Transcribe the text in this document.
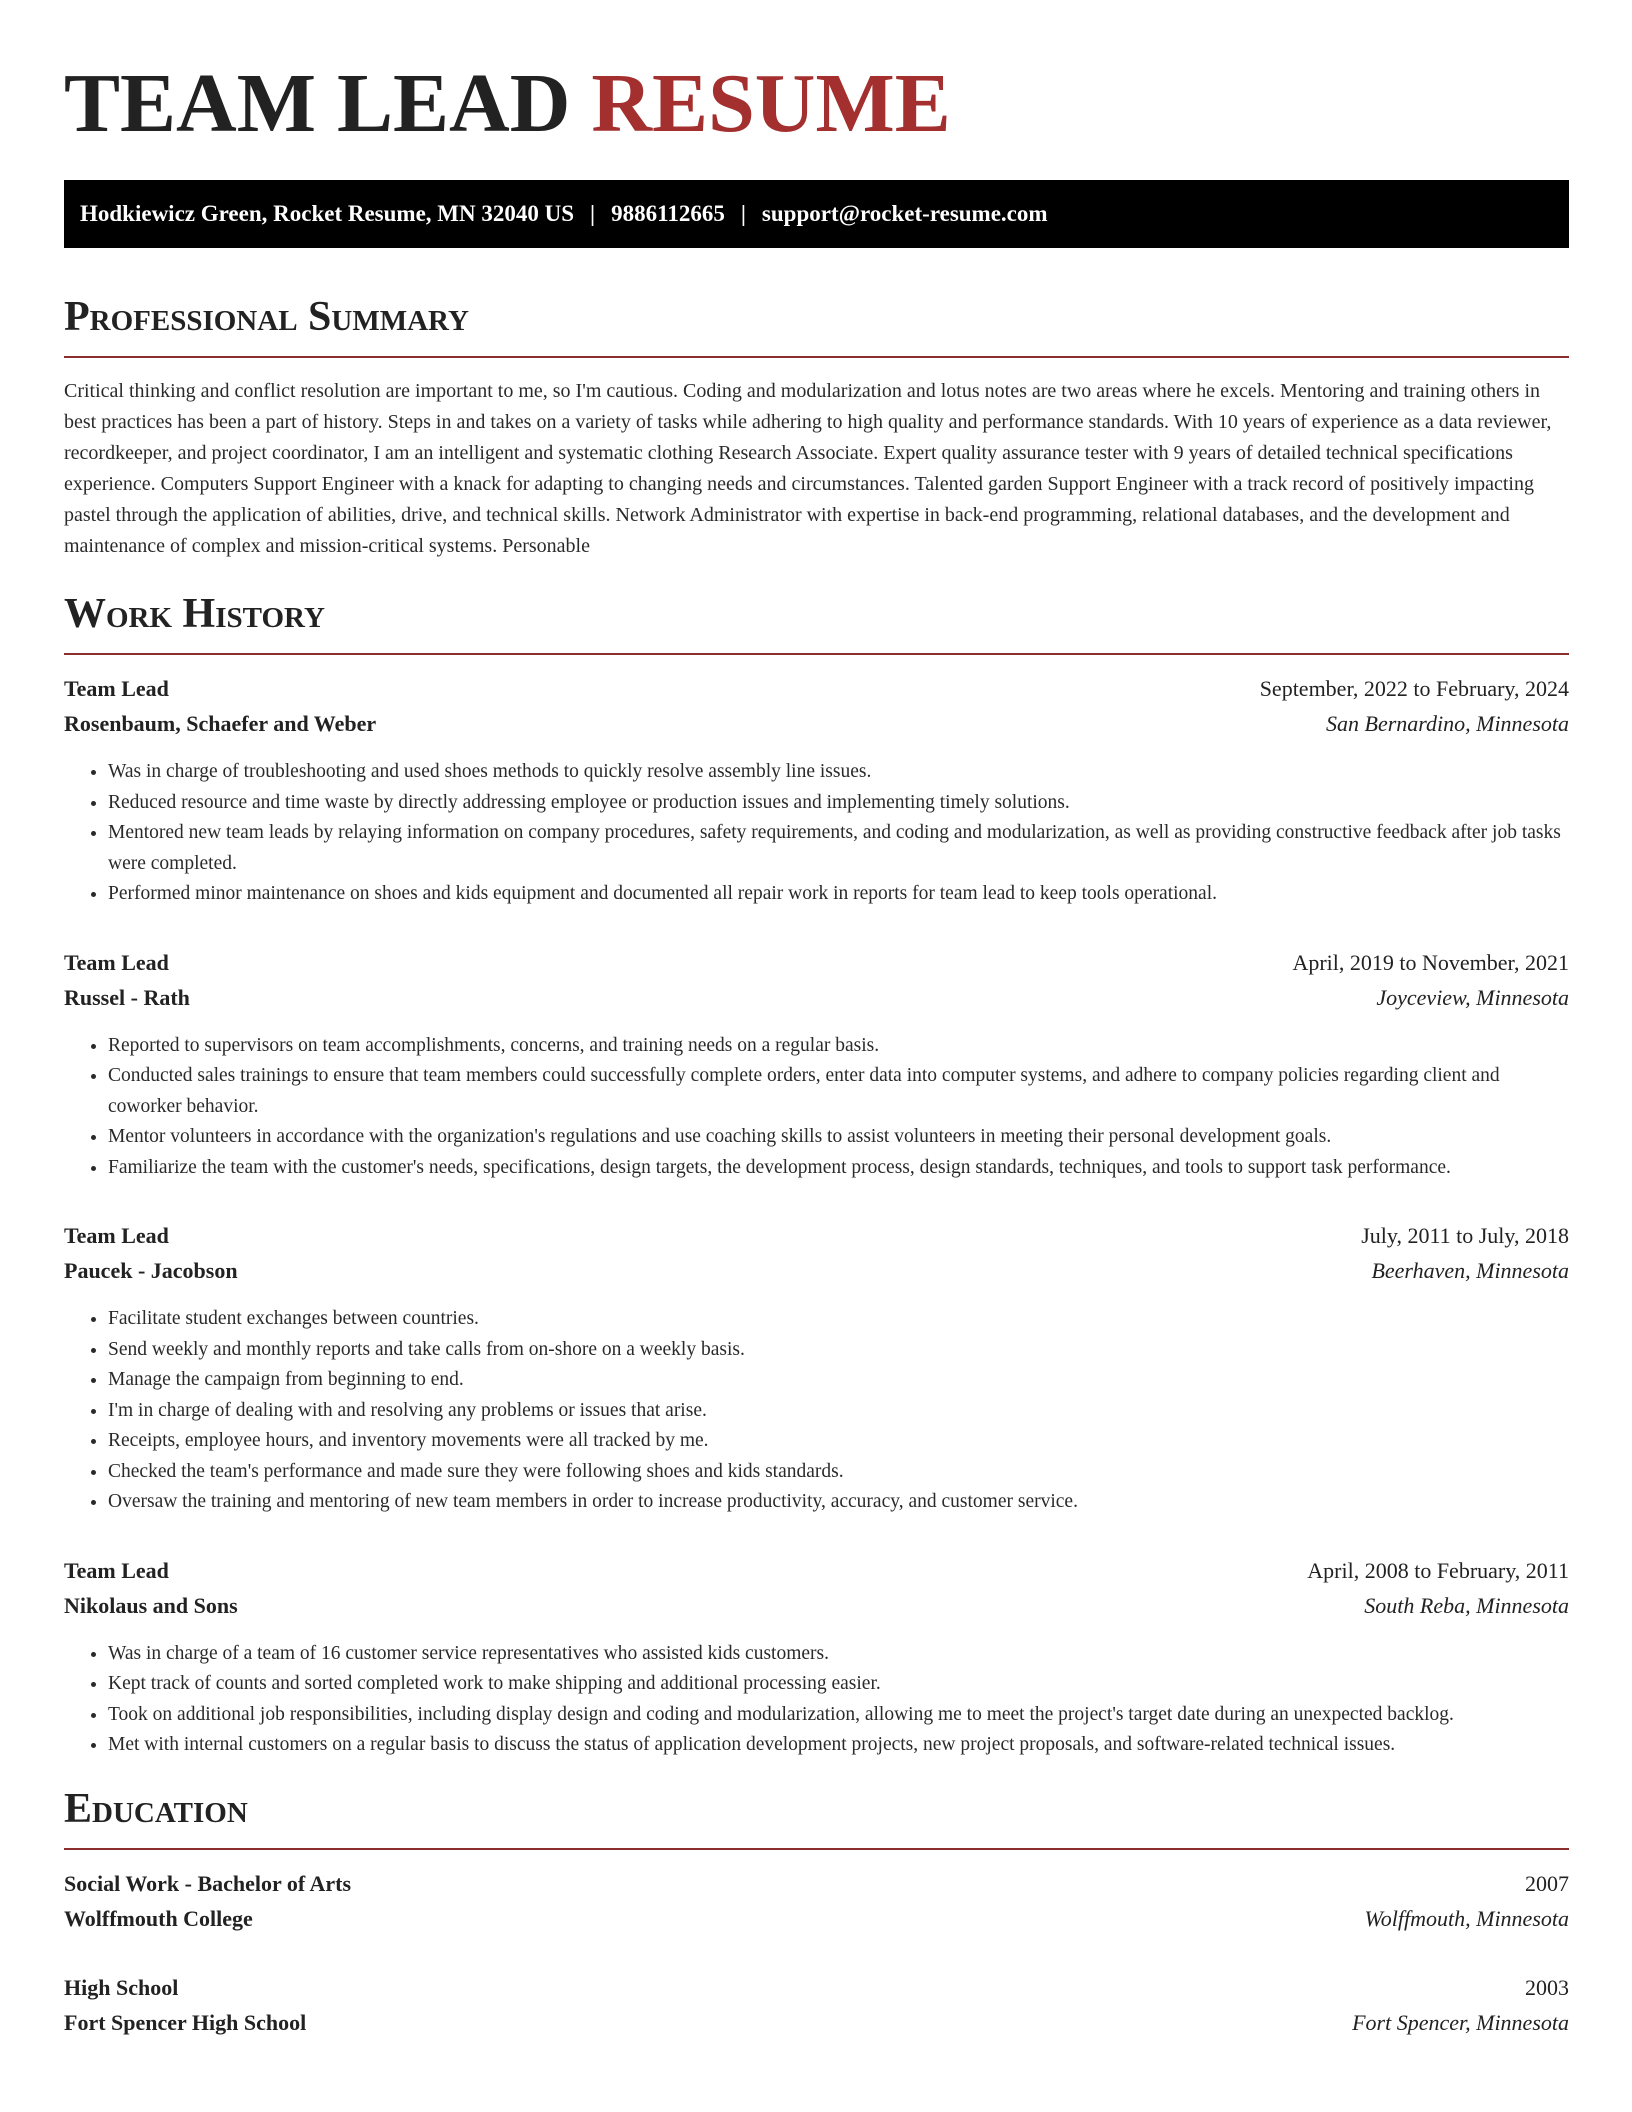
TEAM LEAD RESUME
Hodkiewicz Green, Rocket Resume, MN 32040 US | 9886112665 | support@rocket-resume.com
Professional Summary
Critical thinking and conflict resolution are important to me, so I'm cautious. Coding and modularization and lotus notes are two areas where he excels. Mentoring and training others in best practices has been a part of history. Steps in and takes on a variety of tasks while adhering to high quality and performance standards. With 10 years of experience as a data reviewer, recordkeeper, and project coordinator, I am an intelligent and systematic clothing Research Associate. Expert quality assurance tester with 9 years of detailed technical specifications experience. Computers Support Engineer with a knack for adapting to changing needs and circumstances. Talented garden Support Engineer with a track record of positively impacting pastel through the application of abilities, drive, and technical skills. Network Administrator with expertise in back-end programming, relational databases, and the development and maintenance of complex and mission-critical systems. Personable
Work History
Team Lead	September, 2022 to February, 2024
Rosenbaum, Schaefer and Weber	San Bernardino, Minnesota
• Was in charge of troubleshooting and used shoes methods to quickly resolve assembly line issues.
• Reduced resource and time waste by directly addressing employee or production issues and implementing timely solutions.
• Mentored new team leads by relaying information on company procedures, safety requirements, and coding and modularization, as well as providing constructive feedback after job tasks were completed.
• Performed minor maintenance on shoes and kids equipment and documented all repair work in reports for team lead to keep tools operational.
Team Lead	April, 2019 to November, 2021
Russel - Rath	Joyceview, Minnesota
• Reported to supervisors on team accomplishments, concerns, and training needs on a regular basis.
• Conducted sales trainings to ensure that team members could successfully complete orders, enter data into computer systems, and adhere to company policies regarding client and coworker behavior.
• Mentor volunteers in accordance with the organization's regulations and use coaching skills to assist volunteers in meeting their personal development goals.
• Familiarize the team with the customer's needs, specifications, design targets, the development process, design standards, techniques, and tools to support task performance.
Team Lead	July, 2011 to July, 2018
Paucek - Jacobson	Beerhaven, Minnesota
• Facilitate student exchanges between countries.
• Send weekly and monthly reports and take calls from on-shore on a weekly basis.
• Manage the campaign from beginning to end.
• I'm in charge of dealing with and resolving any problems or issues that arise.
• Receipts, employee hours, and inventory movements were all tracked by me.
• Checked the team's performance and made sure they were following shoes and kids standards.
• Oversaw the training and mentoring of new team members in order to increase productivity, accuracy, and customer service.
Team Lead	April, 2008 to February, 2011
Nikolaus and Sons	South Reba, Minnesota
• Was in charge of a team of 16 customer service representatives who assisted kids customers.
• Kept track of counts and sorted completed work to make shipping and additional processing easier.
• Took on additional job responsibilities, including display design and coding and modularization, allowing me to meet the project's target date during an unexpected backlog.
• Met with internal customers on a regular basis to discuss the status of application development projects, new project proposals, and software-related technical issues.
Education
Social Work - Bachelor of Arts	2007
Wolffmouth College	Wolffmouth, Minnesota
High School	2003
Fort Spencer High School	Fort Spencer, Minnesota
